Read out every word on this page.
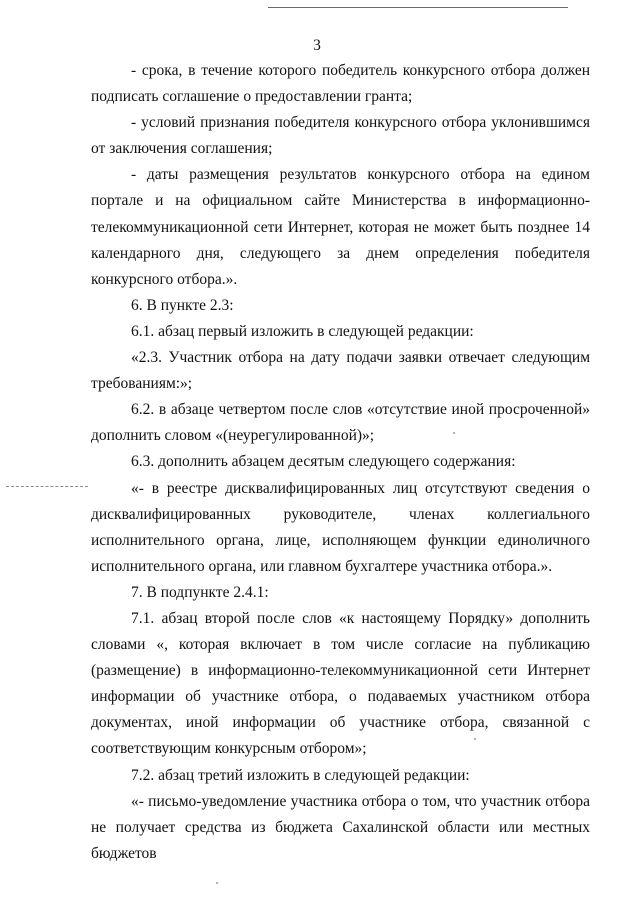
3

- срока, в течение которого победитель конкурсного отбора должен подписать соглашение о предоставлении гранта;

- условий признания победителя конкурсного отбора уклонившимся от заключения соглашения;

- даты размещения результатов конкурсного отбора на едином портале и на официальном сайте Министерства в информационно-телекоммуникационной сети Интернет, которая не может быть позднее 14 календарного дня, следующего за днем определения победителя конкурсного отбора.».

6. В пункте 2.3:

6.1. абзац первый изложить в следующей редакции:

«2.3. Участник отбора на дату подачи заявки отвечает следующим требованиям:»;

6.2. в абзаце четвертом после слов «отсутствие иной просроченной» дополнить словом «(неурегулированной)»;

6.3. дополнить абзацем десятым следующего содержания:

«- в реестре дисквалифицированных лиц отсутствуют сведения о дисквалифицированных руководителе, членах коллегиального исполнительного органа, лице, исполняющем функции единоличного исполнительного органа, или главном бухгалтере участника отбора.».

7. В подпункте 2.4.1:

7.1. абзац второй после слов «к настоящему Порядку» дополнить словами «, которая включает в том числе согласие на публикацию (размещение) в информационно-телекоммуникационной сети Интернет информации об участнике отбора, о подаваемых участником отбора документах, иной информации об участнике отбора, связанной с соответствующим конкурсным отбором»;

7.2. абзац третий изложить в следующей редакции:

«- письмо-уведомление участника отбора о том, что участник отбора не получает средства из бюджета Сахалинской области или местных бюджетов
